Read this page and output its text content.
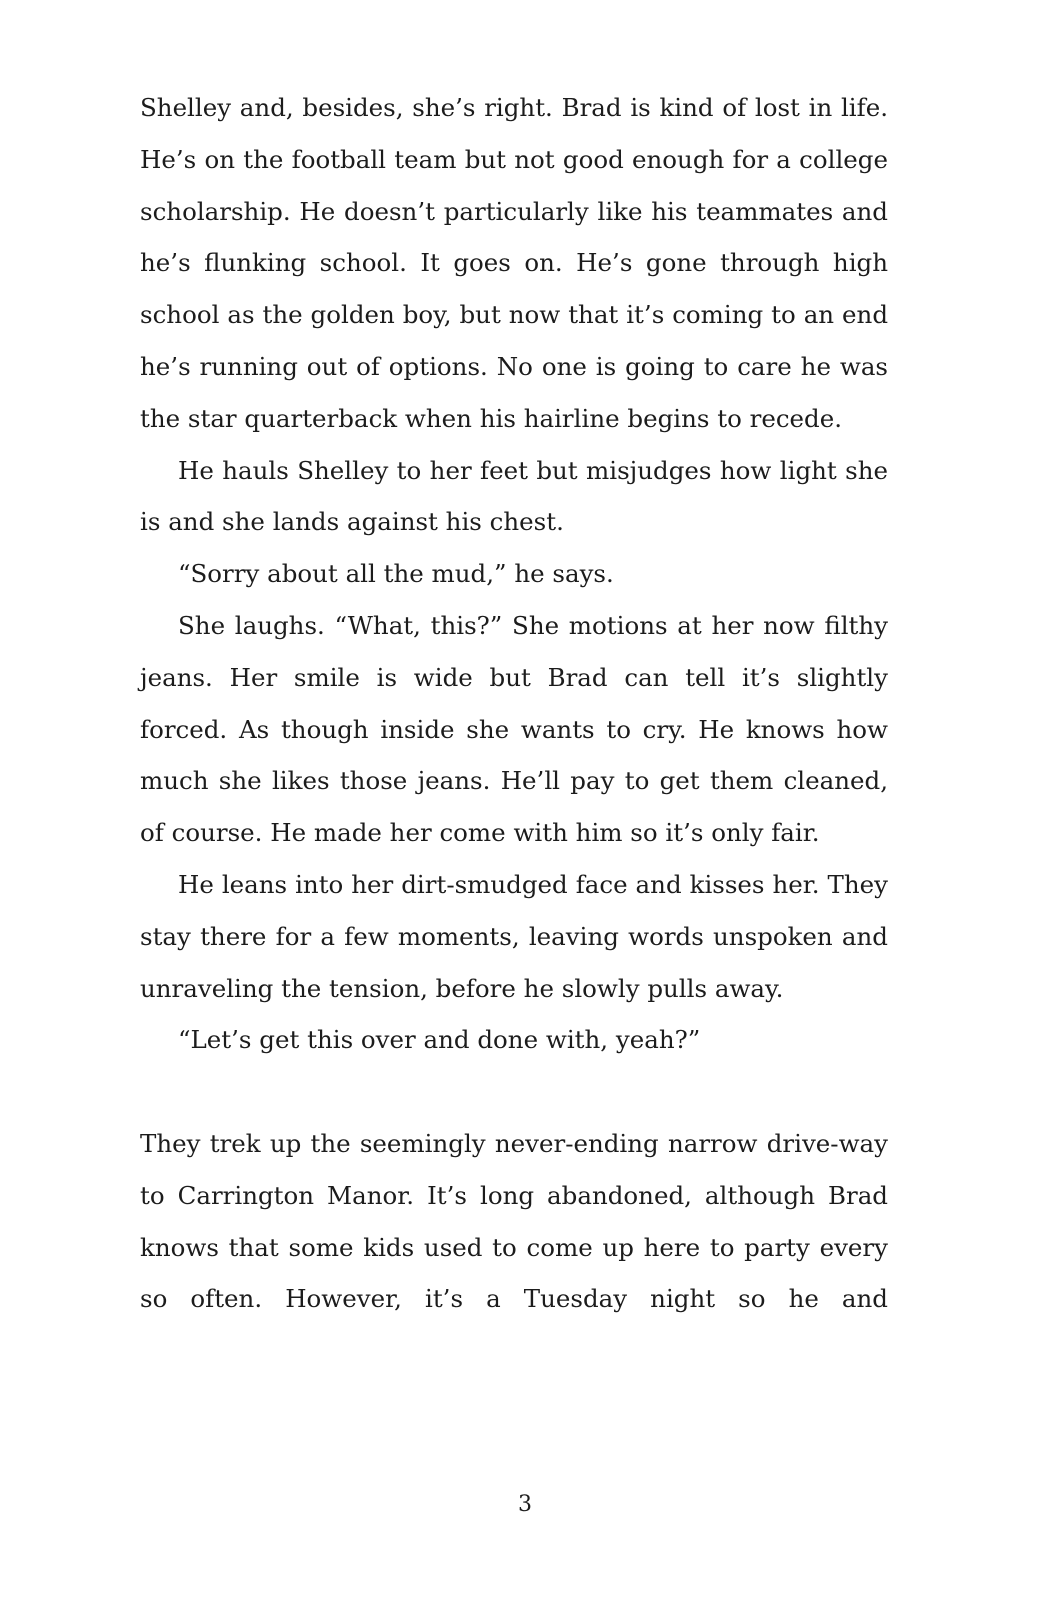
Shelley and, besides, she’s right. Brad is kind of lost in life. He’s on the football team but not good enough for a college scholarship. He doesn’t particularly like his teammates and he’s flunking school. It goes on. He’s gone through high school as the golden boy, but now that it’s coming to an end he’s running out of options. No one is going to care he was the star quarterback when his hairline begins to recede.

He hauls Shelley to her feet but misjudges how light she is and she lands against his chest.

“Sorry about all the mud,” he says.

She laughs. “What, this?” She motions at her now filthy jeans. Her smile is wide but Brad can tell it’s slightly forced. As though inside she wants to cry. He knows how much she likes those jeans. He’ll pay to get them cleaned, of course. He made her come with him so it’s only fair.

He leans into her dirt-smudged face and kisses her. They stay there for a few moments, leaving words unspoken and unraveling the tension, before he slowly pulls away.

“Let’s get this over and done with, yeah?”

They trek up the seemingly never-ending narrow drive-way to Carrington Manor. It’s long abandoned, although Brad knows that some kids used to come up here to party every so often. However, it’s a Tuesday night so he and

3
